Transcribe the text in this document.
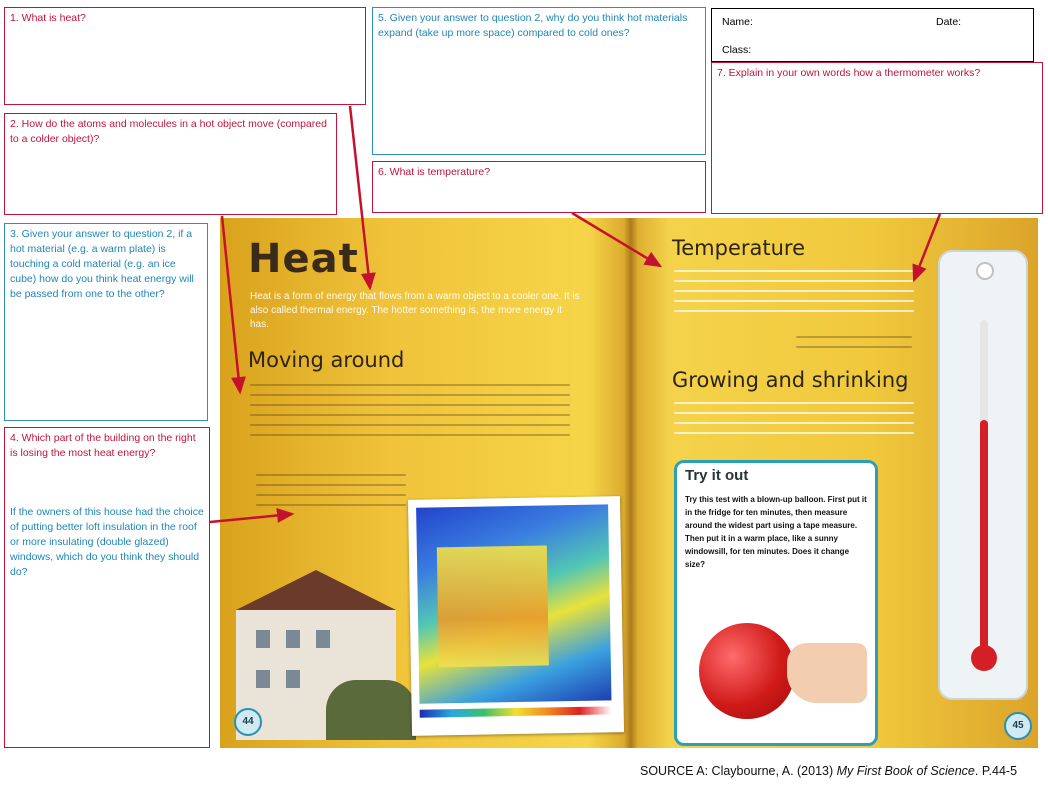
1. What is heat?
2. How do the atoms and molecules in a hot object move (compared to a colder object)?
3. Given your answer to question 2, if a hot material (e.g. a warm plate) is touching a cold material (e.g. an ice cube) how do you think heat energy will be passed from one to the other?
4. Which part of the building on the right is losing the most heat energy?
If the owners of this house had the choice of putting better loft insulation in the roof or more insulating (double glazed) windows, which do you think they should do?
5. Given your answer to question 2, why do you think hot materials expand (take up more space) compared to cold ones?
6. What is temperature?
7. Explain in your own words how a thermometer works?
Name:	Date:
Class:
Heat
Heat is a form of energy that flows from a warm object to a cooler one. It is also called thermal energy. The hotter something is, the more energy it has.
Moving around
44
Temperature
Growing and shrinking
Try it out
Try this test with a blown-up balloon. First put it in the fridge for ten minutes, then measure around the widest part using a tape measure. Then put it in a warm place, like a sunny windowsill, for ten minutes. Does it change size?
45
SOURCE A: Claybourne, A. (2013) My First Book of Science. P.44-5
